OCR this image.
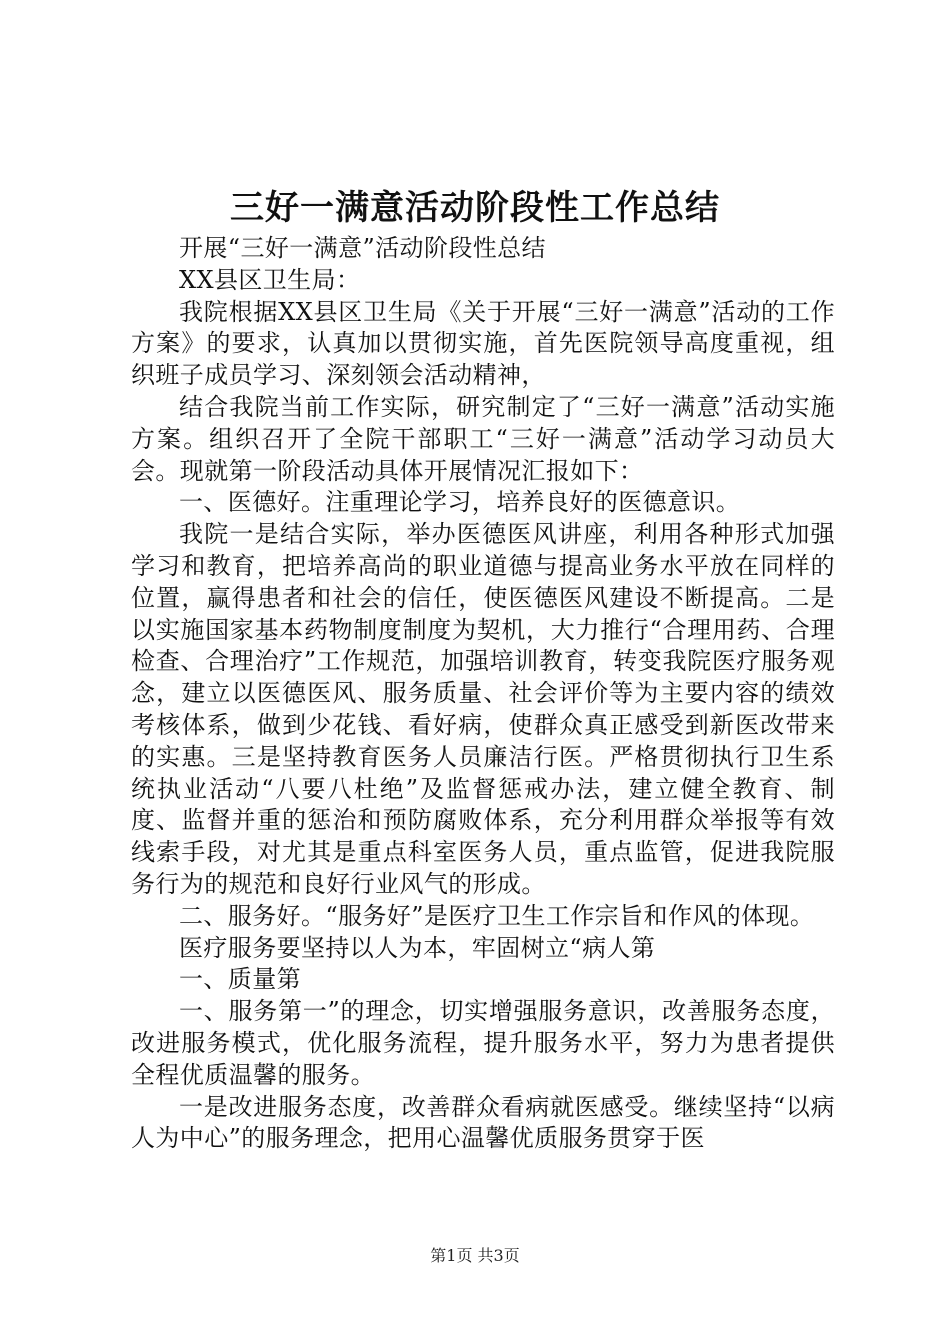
三好一满意活动阶段性工作总结

开展“三好一满意”活动阶段性总结

XX县区卫生局：

我院根据XX县区卫生局《关于开展“三好一满意”活动的工作方案》的要求，认真加以贯彻实施，首先医院领导高度重视，组织班子成员学习、深刻领会活动精神，

结合我院当前工作实际，研究制定了“三好一满意”活动实施方案。组织召开了全院干部职工“三好一满意”活动学习动员大会。现就第一阶段活动具体开展情况汇报如下：

一、医德好。注重理论学习，培养良好的医德意识。

我院一是结合实际，举办医德医风讲座，利用各种形式加强学习和教育，把培养高尚的职业道德与提高业务水平放在同样的位置，赢得患者和社会的信任，使医德医风建设不断提高。二是以实施国家基本药物制度制度为契机，大力推行“合理用药、合理检查、合理治疗”工作规范，加强培训教育，转变我院医疗服务观念，建立以医德医风、服务质量、社会评价等为主要内容的绩效考核体系，做到少花钱、看好病，使群众真正感受到新医改带来的实惠。三是坚持教育医务人员廉洁行医。严格贯彻执行卫生系统执业活动“八要八杜绝”及监督惩戒办法，建立健全教育、制度、监督并重的惩治和预防腐败体系，充分利用群众举报等有效线索手段，对尤其是重点科室医务人员，重点监管，促进我院服务行为的规范和良好行业风气的形成。

二、服务好。“服务好”是医疗卫生工作宗旨和作风的体现。

医疗服务要坚持以人为本，牢固树立“病人第

一、质量第

一、服务第一”的理念，切实增强服务意识，改善服务态度，改进服务模式，优化服务流程，提升服务水平，努力为患者提供全程优质温馨的服务。

一是改进服务态度，改善群众看病就医感受。继续坚持“以病人为中心”的服务理念，把用心温馨优质服务贯穿于医

第1页 共3页
